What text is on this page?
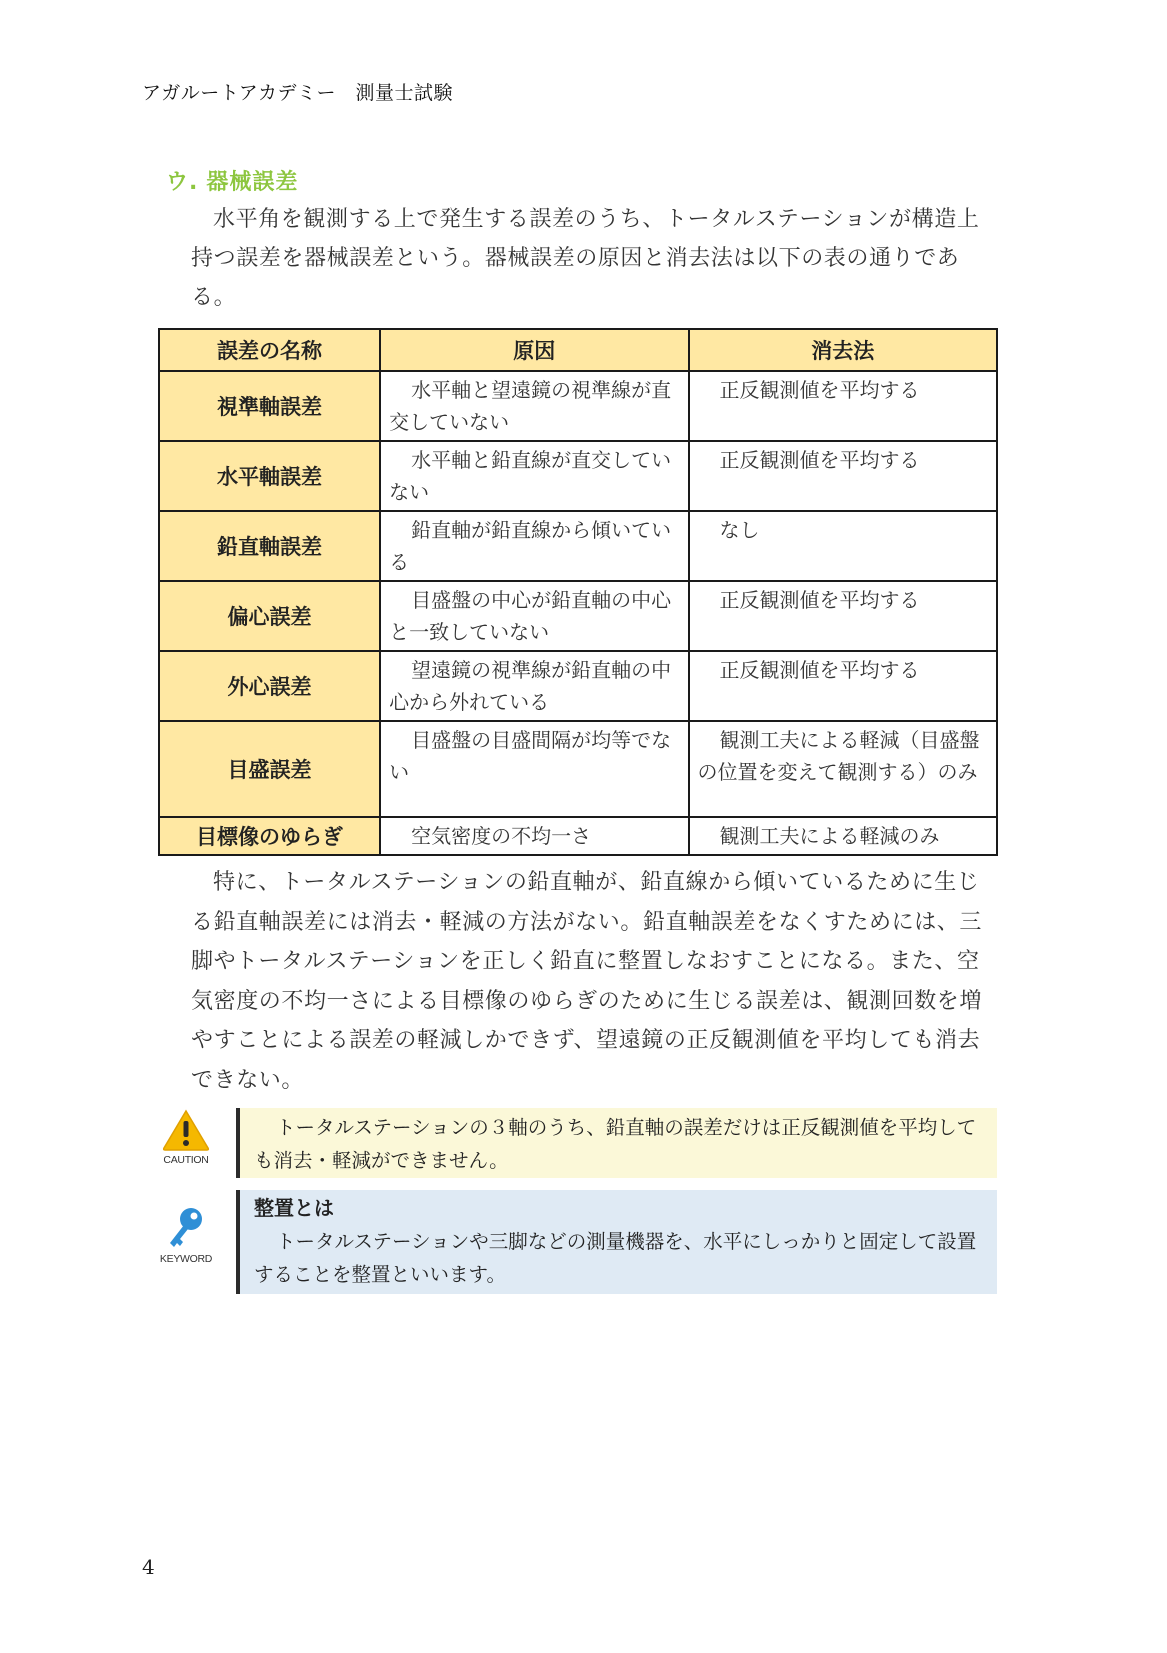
アガルートアカデミー　測量士試験
ウ. 器械誤差

水平角を観測する上で発生する誤差のうち、トータルステーションが構造上持つ誤差を器械誤差という。器械誤差の原因と消去法は以下の表の通りである。

誤差の名称	原因	消去法
視準軸誤差	水平軸と望遠鏡の視準線が直交していない	正反観測値を平均する
水平軸誤差	水平軸と鉛直線が直交していない	正反観測値を平均する
鉛直軸誤差	鉛直軸が鉛直線から傾いている	なし
偏心誤差	目盛盤の中心が鉛直軸の中心と一致していない	正反観測値を平均する
外心誤差	望遠鏡の視準線が鉛直軸の中心から外れている	正反観測値を平均する
目盛誤差	目盛盤の目盛間隔が均等でない	観測工夫による軽減（目盛盤の位置を変えて観測する）のみ
目標像のゆらぎ	空気密度の不均一さ	観測工夫による軽減のみ

特に、トータルステーションの鉛直軸が、鉛直線から傾いているために生じる鉛直軸誤差には消去・軽減の方法がない。鉛直軸誤差をなくすためには、三脚やトータルステーションを正しく鉛直に整置しなおすことになる。また、空気密度の不均一さによる目標像のゆらぎのために生じる誤差は、観測回数を増やすことによる誤差の軽減しかできず、望遠鏡の正反観測値を平均しても消去できない。

CAUTION
トータルステーションの３軸のうち、鉛直軸の誤差だけは正反観測値を平均しても消去・軽減ができません。
KEYWORD
整置とは
トータルステーションや三脚などの測量機器を、水平にしっかりと固定して設置することを整置といいます。
4
